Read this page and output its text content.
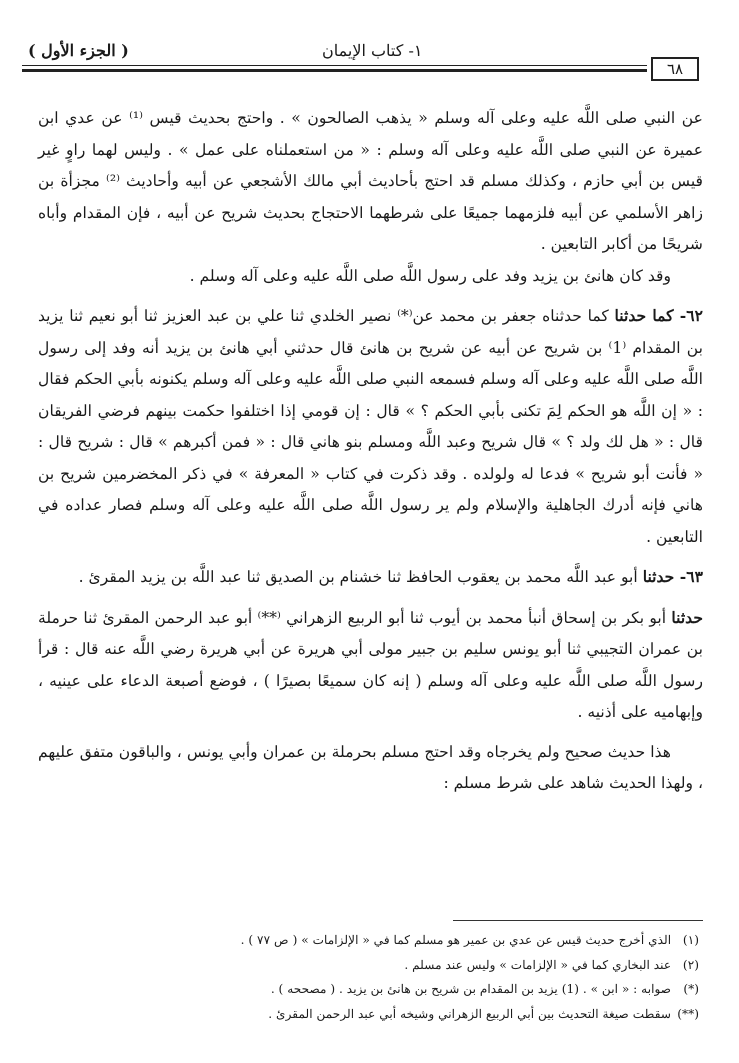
( الجزء الأول )	١- كتاب الإيمان
٦٨

عن النبي صلى اللَّه عليه وعلى آله وسلم « يذهب الصالحون » . واحتج بحديث قيس ⁽¹⁾ عن عدي ابن عميرة عن النبي صلى اللَّه عليه وعلى آله وسلم : « من استعملناه على عمل » . وليس لهما راوٍ غير قيس بن أبي حازم ، وكذلك مسلم قد احتج بأحاديث أبي مالك الأشجعي عن أبيه وأحاديث ⁽²⁾ مجزأة بن زاهر الأسلمي عن أبيه فلزمهما جميعًا على شرطهما الاحتجاج بحديث شريح عن أبيه ، فإن المقدام وأباه شريحًا من أكابر التابعين .

وقد كان هانئ بن يزيد وفد على رسول اللَّه صلى اللَّه عليه وعلى آله وسلم .

٦٢- كما حدثنا كما حدثناه جعفر بن محمد عن⁽*⁾ نصير الخلدي ثنا علي بن عبد العزيز ثنا أبو نعيم ثنا يزيد بن المقدام ⁽1⁾ بن شريح عن أبيه عن شريح بن هانئ قال حدثني أبي هانئ بن يزيد أنه وفد إلى رسول اللَّه صلى اللَّه عليه وعلى آله وسلم فسمعه النبي صلى اللَّه عليه وعلى آله وسلم يكنونه بأبي الحكم فقال : « إن اللَّه هو الحكم لِمَ تكنى بأبي الحكم ؟ » قال : إن قومي إذا اختلفوا حكمت بينهم فرضي الفريقان قال : « هل لك ولد ؟ » قال شريح وعبد اللَّه ومسلم بنو هاني قال : « فمن أكبرهم » قال : شريح قال : « فأنت أبو شريح » فدعا له ولولده . وقد ذكرت في كتاب « المعرفة » في ذكر المخضرمين شريح بن هاني فإنه أدرك الجاهلية والإسلام ولم ير رسول اللَّه صلى اللَّه عليه وعلى آله وسلم فصار عداده في التابعين .

٦٣- حدثنا أبو عبد اللَّه محمد بن يعقوب الحافظ ثنا خشنام بن الصديق ثنا عبد اللَّه بن يزيد المقرئ .

حدثنا أبو بكر بن إسحاق أنبأ محمد بن أيوب ثنا أبو الربيع الزهراني ⁽**⁾ أبو عبد الرحمن المقرئ ثنا حرملة بن عمران التجيبي ثنا أبو يونس سليم بن جبير مولى أبي هريرة عن أبي هريرة رضي اللَّه عنه قال : قرأ رسول اللَّه صلى اللَّه عليه وعلى آله وسلم ( إنه كان سميعًا بصيرًا ) ، فوضع أصبعة الدعاء على عينيه ، وإبهاميه على أذنيه .

هذا حديث صحيح ولم يخرجاه وقد احتج مسلم بحرملة بن عمران وأبي يونس ، والباقون متفق عليهم ، ولهذا الحديث شاهد على شرط مسلم :

(١) الذي أخرج حديث قيس عن عدي بن عمير هو مسلم كما في « الإلزامات » ( ص ٧٧ ) .

(٢) عند البخاري كما في « الإلزامات » وليس عند مسلم .

(*) صوابه : « ابن » . (1) يزيد بن المقدام بن شريح بن هانئ بن يزيد . ( مصححه ) .

(**) سقطت صيغة التحديث بين أبي الربيع الزهراني وشيخه أبي عبد الرحمن المقرئ .
